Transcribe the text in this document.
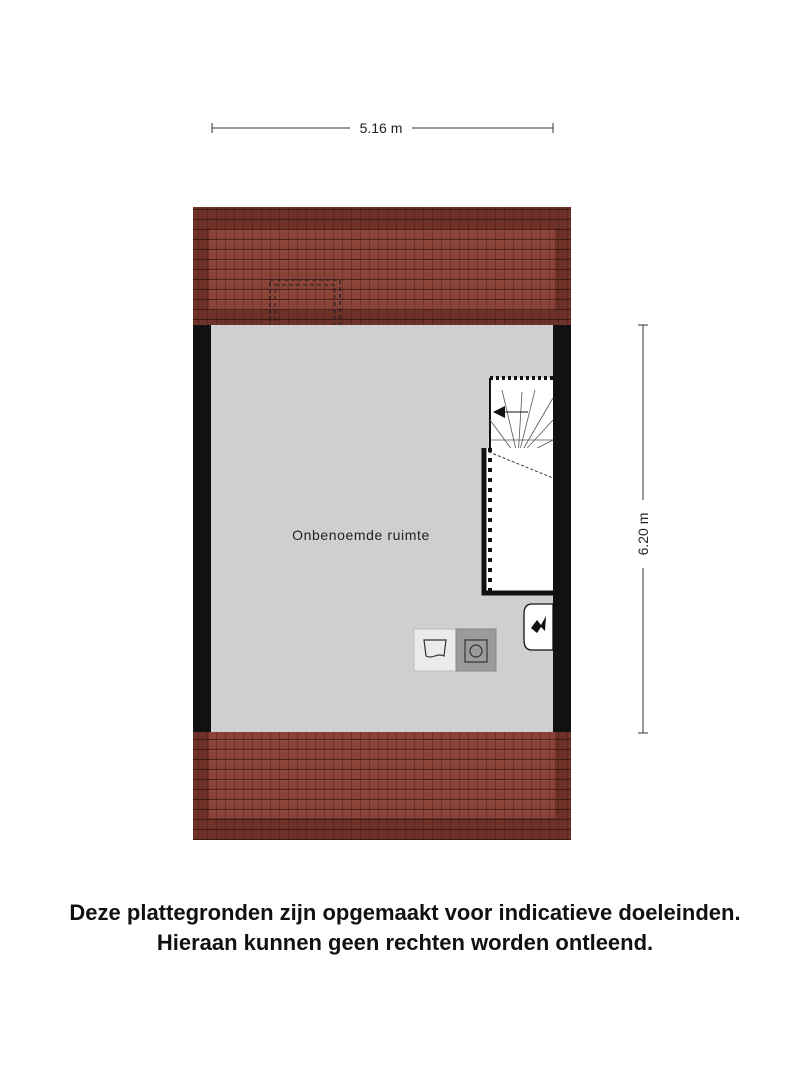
5.16 m
6.20 m
Onbenoemde ruimte
Deze plattegronden zijn opgemaakt voor indicatieve doeleinden.
Hieraan kunnen geen rechten worden ontleend.
